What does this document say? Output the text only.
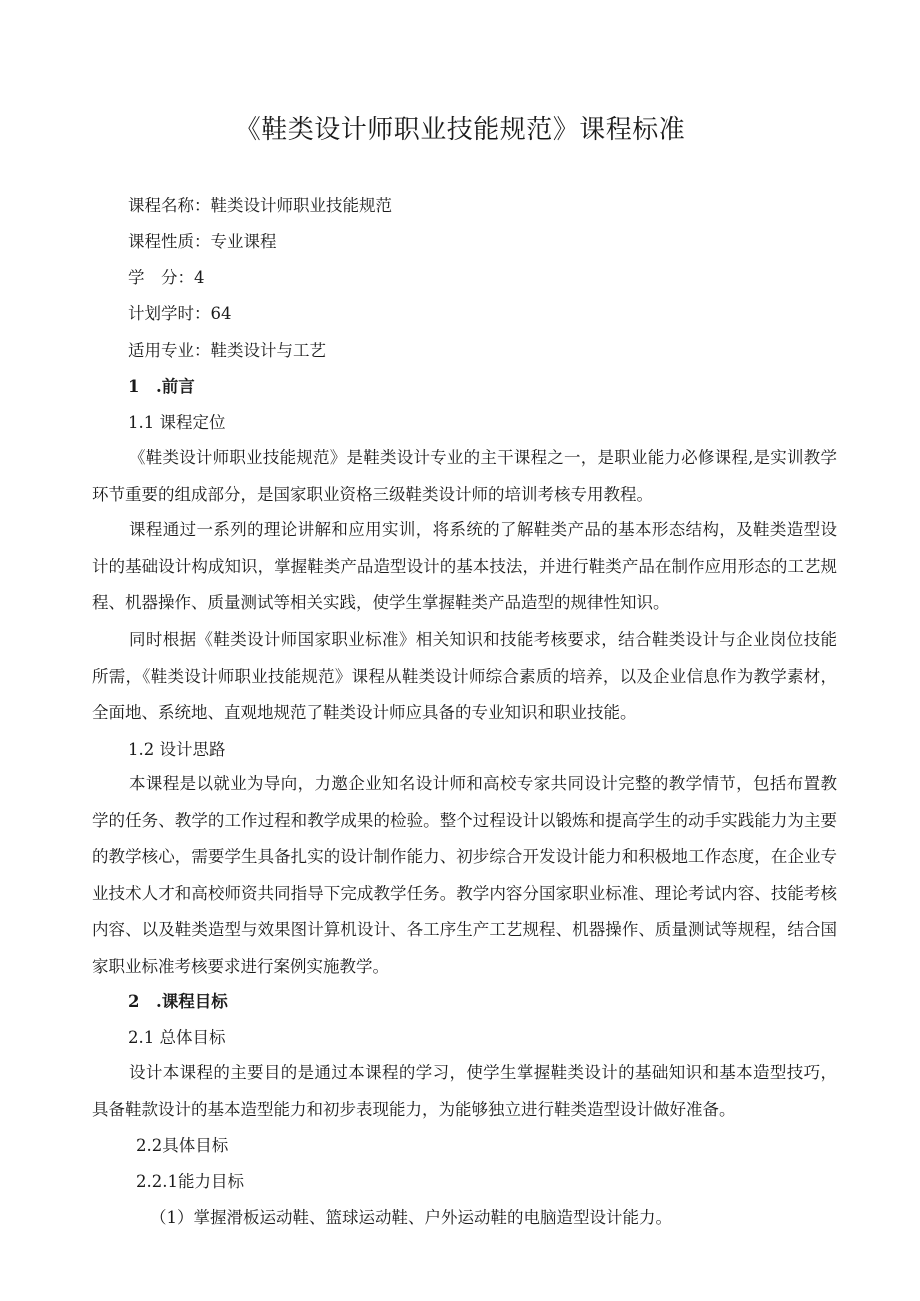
《鞋类设计师职业技能规范》课程标准
课程名称：鞋类设计师职业技能规范
课程性质：专业课程
学　分：4
计划学时：64
适用专业：鞋类设计与工艺
1　.前言
1.1 课程定位

《鞋类设计师职业技能规范》是鞋类设计专业的主干课程之一，是职业能力必修课程,是实训教学环节重要的组成部分，是国家职业资格三级鞋类设计师的培训考核专用教程。

课程通过一系列的理论讲解和应用实训，将系统的了解鞋类产品的基本形态结构，及鞋类造型设计的基础设计构成知识，掌握鞋类产品造型设计的基本技法，并进行鞋类产品在制作应用形态的工艺规程、机器操作、质量测试等相关实践，使学生掌握鞋类产品造型的规律性知识。

同时根据《鞋类设计师国家职业标准》相关知识和技能考核要求，结合鞋类设计与企业岗位技能所需，《鞋类设计师职业技能规范》课程从鞋类设计师综合素质的培养，以及企业信息作为教学素材，全面地、系统地、直观地规范了鞋类设计师应具备的专业知识和职业技能。

1.2 设计思路

本课程是以就业为导向，力邀企业知名设计师和高校专家共同设计完整的教学情节，包括布置教学的任务、教学的工作过程和教学成果的检验。整个过程设计以锻炼和提高学生的动手实践能力为主要的教学核心，需要学生具备扎实的设计制作能力、初步综合开发设计能力和积极地工作态度，在企业专业技术人才和高校师资共同指导下完成教学任务。教学内容分国家职业标准、理论考试内容、技能考核内容、以及鞋类造型与效果图计算机设计、各工序生产工艺规程、机器操作、质量测试等规程，结合国家职业标准考核要求进行案例实施教学。

2　.课程目标
2.1 总体目标

设计本课程的主要目的是通过本课程的学习，使学生掌握鞋类设计的基础知识和基本造型技巧，具备鞋款设计的基本造型能力和初步表现能力，为能够独立进行鞋类造型设计做好准备。

2.2具体目标
2.2.1能力目标
（1）掌握滑板运动鞋、篮球运动鞋、户外运动鞋的电脑造型设计能力。
